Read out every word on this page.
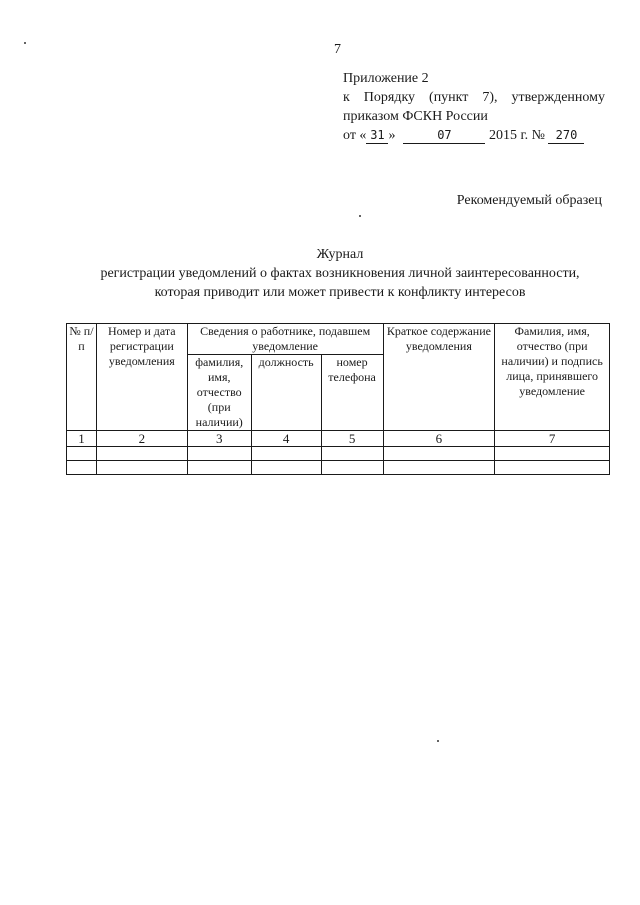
7
Приложение 2
к Порядку (пункт 7), утвержденному
приказом ФСКН России
от « 31 »	07	2015 г. № 270
Рекомендуемый образец
Журнал
регистрации уведомлений о фактах возникновения личной заинтересованности,
которая приводит или может привести к конфликту интересов
№ п/п	Номер и дата регистрации уведомления	Сведения о работнике, подавшем уведомление			Краткое содержание уведомления	Фамилия, имя, отчество (при наличии) и подпись лица, принявшего уведомление
		фамилия, имя, отчество (при наличии)	должность	номер телефона		
1	2	3	4	5	6	7
